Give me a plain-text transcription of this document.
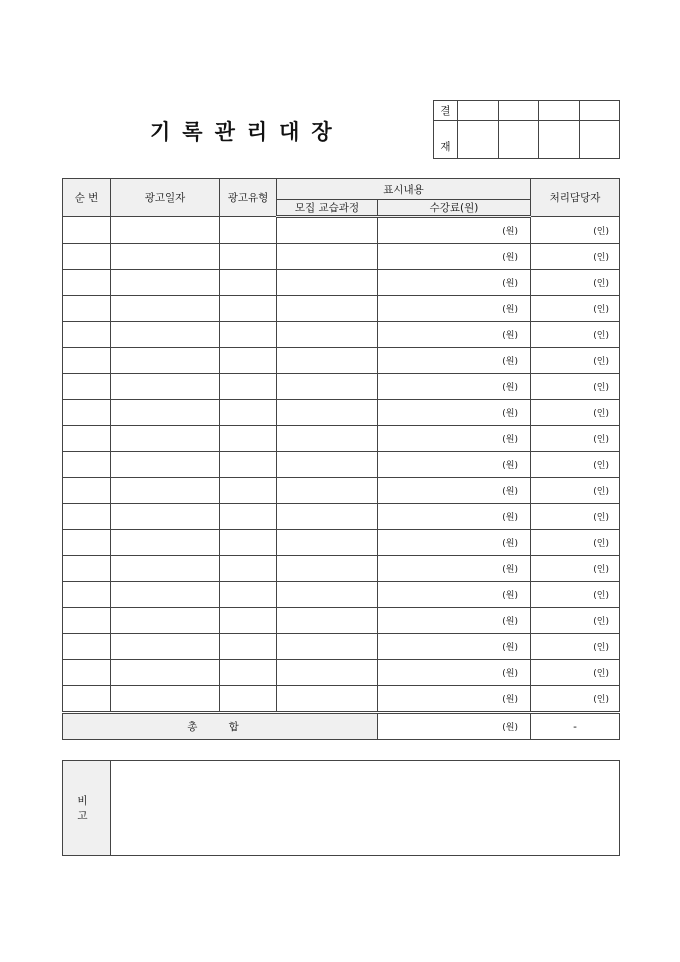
기록관리대장
결				
재				
순 번	광고일자	광고유형	표시내용		처리담당자
			모집 교습과정	수강료(원)	
				(원)	(인)
				(원)	(인)
				(원)	(인)
				(원)	(인)
				(원)	(인)
				(원)	(인)
				(원)	(인)
				(원)	(인)
				(원)	(인)
				(원)	(인)
				(원)	(인)
				(원)	(인)
				(원)	(인)
				(원)	(인)
				(원)	(인)
				(원)	(인)
				(원)	(인)
				(원)	(인)
				(원)	(인)
총 합				(원)	-
비 고	
